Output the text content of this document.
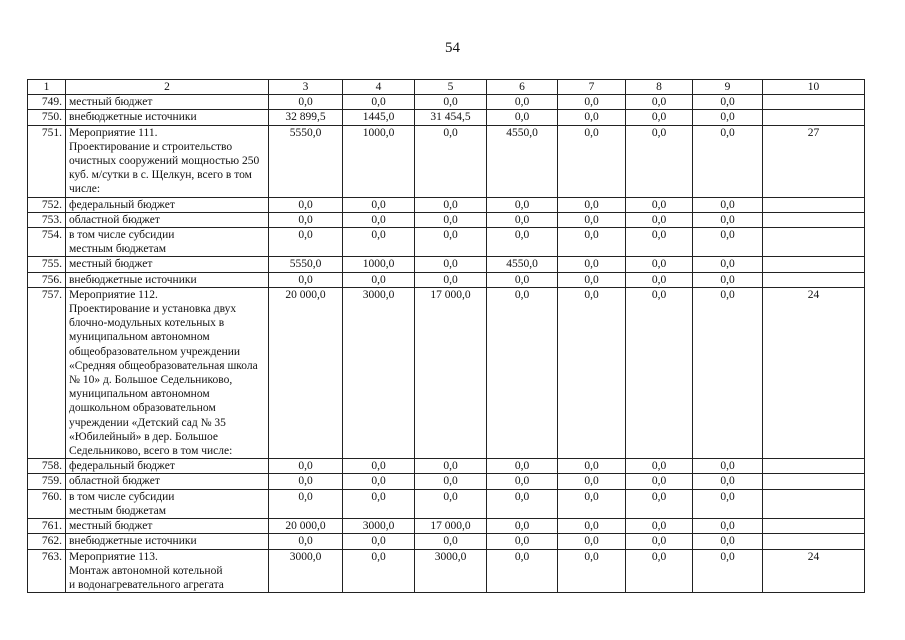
54
1	2	3	4	5	6	7	8	9	10
749.	местный бюджет	0,0	0,0	0,0	0,0	0,0	0,0	0,0	
750.	внебюджетные источники	32 899,5	1445,0	31 454,5	0,0	0,0	0,0	0,0	
751.	Мероприятие 111.
Проектирование и строительство очистных сооружений мощностью 250 куб. м/сутки в с. Щелкун, всего в том числе:	5550,0	1000,0	0,0	4550,0	0,0	0,0	0,0	27
752.	федеральный бюджет	0,0	0,0	0,0	0,0	0,0	0,0	0,0	
753.	областной бюджет	0,0	0,0	0,0	0,0	0,0	0,0	0,0	
754.	в том числе субсидии
местным бюджетам	0,0	0,0	0,0	0,0	0,0	0,0	0,0	
755.	местный бюджет	5550,0	1000,0	0,0	4550,0	0,0	0,0	0,0	
756.	внебюджетные источники	0,0	0,0	0,0	0,0	0,0	0,0	0,0	
757.	Мероприятие 112.
Проектирование и установка двух блочно-модульных котельных в муниципальном автономном общеобразовательном учреждении «Средняя общеобразовательная школа № 10» д. Большое Седельниково, муниципальном автономном дошкольном образовательном учреждении «Детский сад № 35 «Юбилейный» в дер. Большое Седельниково, всего в том числе:	20 000,0	3000,0	17 000,0	0,0	0,0	0,0	0,0	24
758.	федеральный бюджет	0,0	0,0	0,0	0,0	0,0	0,0	0,0	
759.	областной бюджет	0,0	0,0	0,0	0,0	0,0	0,0	0,0	
760.	в том числе субсидии
местным бюджетам	0,0	0,0	0,0	0,0	0,0	0,0	0,0	
761.	местный бюджет	20 000,0	3000,0	17 000,0	0,0	0,0	0,0	0,0	
762.	внебюджетные источники	0,0	0,0	0,0	0,0	0,0	0,0	0,0	
763.	Мероприятие 113.
Монтаж автономной котельной
и водонагревательного агрегата	3000,0	0,0	3000,0	0,0	0,0	0,0	0,0	24
